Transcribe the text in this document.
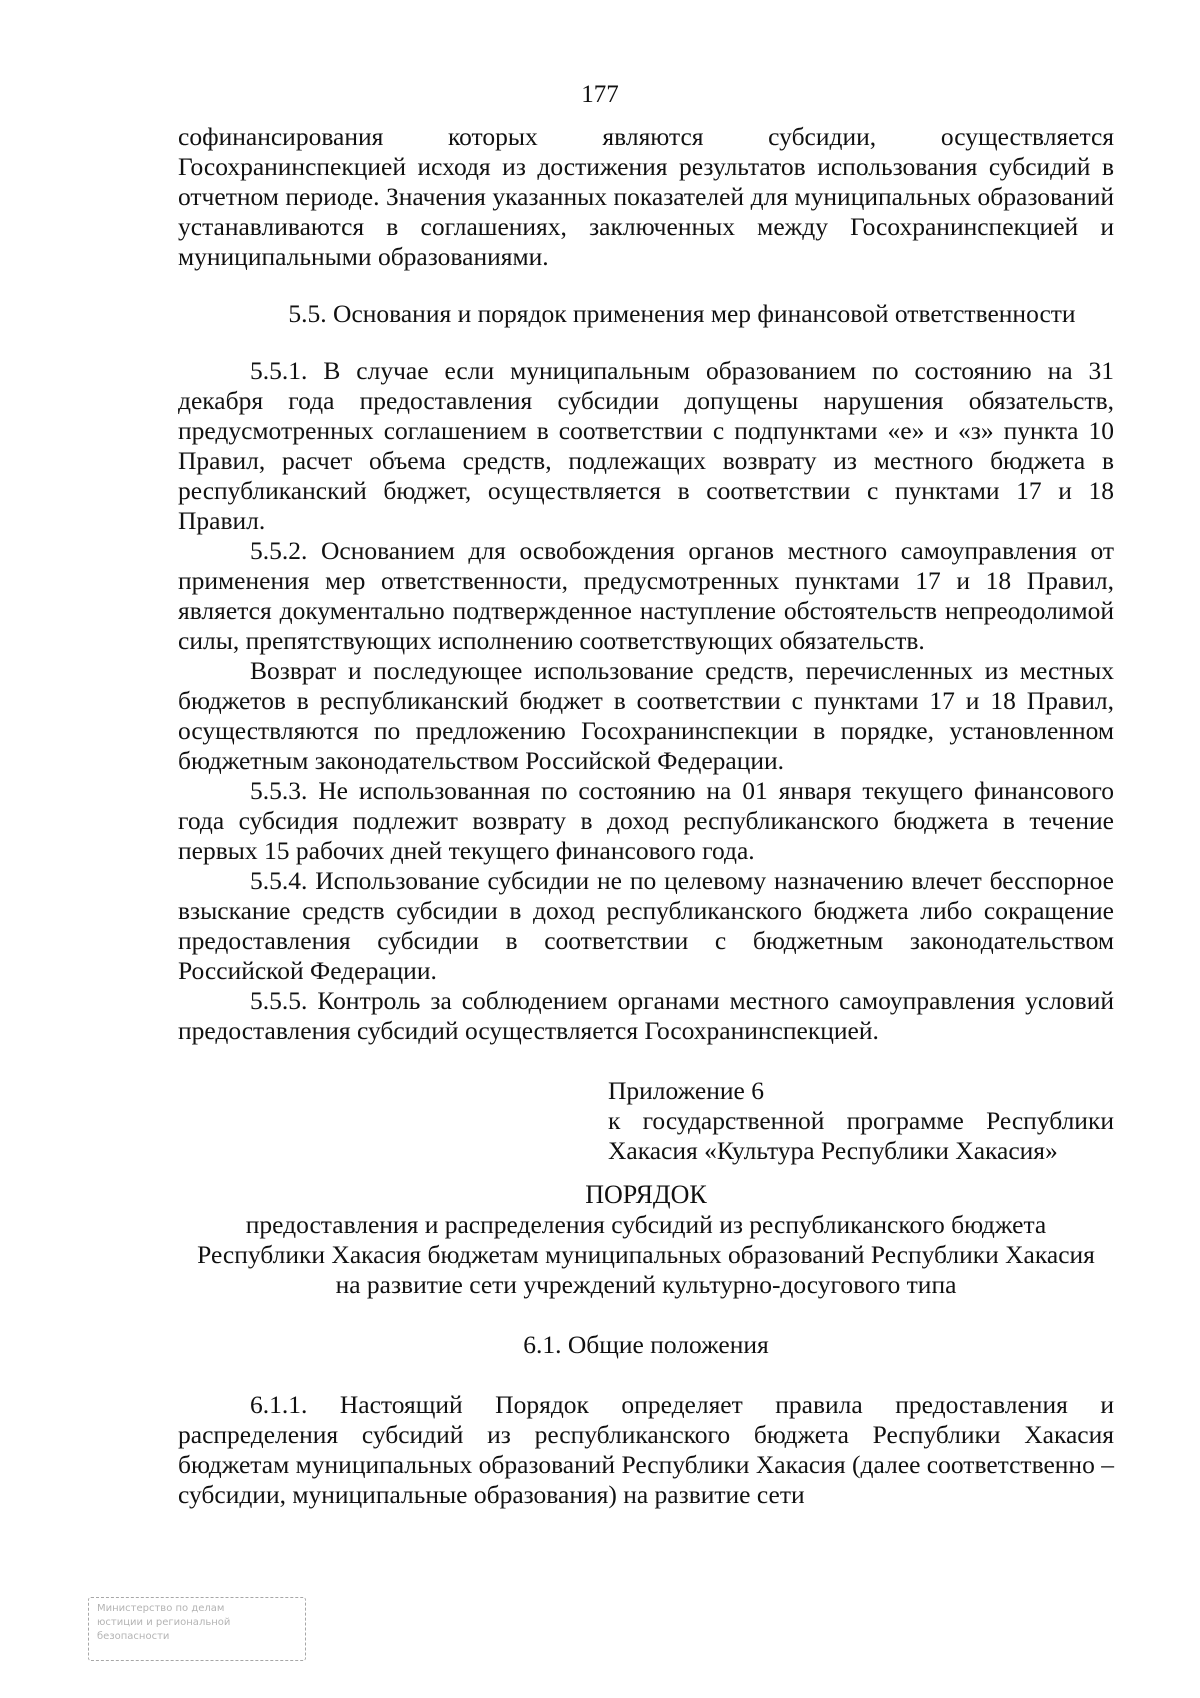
177

софинансирования которых являются субсидии, осуществляется Госохранинспекцией исходя из достижения результатов использования субсидий в отчетном периоде. Значения указанных показателей для муниципальных образований устанавливаются в соглашениях, заключенных между Госохранинспекцией и муниципальными образованиями.

5.5. Основания и порядок применения мер финансовой ответственности

5.5.1. В случае если муниципальным образованием по состоянию на 31 декабря года предоставления субсидии допущены нарушения обязательств, предусмотренных соглашением в соответствии с подпунктами «е» и «з» пункта 10 Правил, расчет объема средств, подлежащих возврату из местного бюджета в республиканский бюджет, осуществляется в соответствии с пунктами 17 и 18 Правил.

5.5.2. Основанием для освобождения органов местного самоуправления от применения мер ответственности, предусмотренных пунктами 17 и 18 Правил, является документально подтвержденное наступление обстоятельств непреодолимой силы, препятствующих исполнению соответствующих обязательств.

Возврат и последующее использование средств, перечисленных из местных бюджетов в республиканский бюджет в соответствии с пунктами 17 и 18 Правил, осуществляются по предложению Госохранинспекции в порядке, установленном бюджетным законодательством Российской Федерации.

5.5.3. Не использованная по состоянию на 01 января текущего финансового года субсидия подлежит возврату в доход республиканского бюджета в течение первых 15 рабочих дней текущего финансового года.

5.5.4. Использование субсидии не по целевому назначению влечет бесспорное взыскание средств субсидии в доход республиканского бюджета либо сокращение предоставления субсидии в соответствии с бюджетным законодательством Российской Федерации.

5.5.5. Контроль за соблюдением органами местного самоуправления условий предоставления субсидий осуществляется Госохранинспекцией.

Приложение 6
к государственной программе Республики
Хакасия «Культура Республики Хакасия»

ПОРЯДОК

предоставления и распределения субсидий из республиканского бюджета

Республики Хакасия бюджетам муниципальных образований Республики Хакасия

на развитие сети учреждений культурно-досугового типа

6.1. Общие положения

6.1.1. Настоящий Порядок определяет правила предоставления и распределения субсидий из республиканского бюджета Республики Хакасия бюджетам муниципальных образований Республики Хакасия (далее соответственно – субсидии, муниципальные образования) на развитие сети

Министерство по делам
юстиции и региональной
безопасности
